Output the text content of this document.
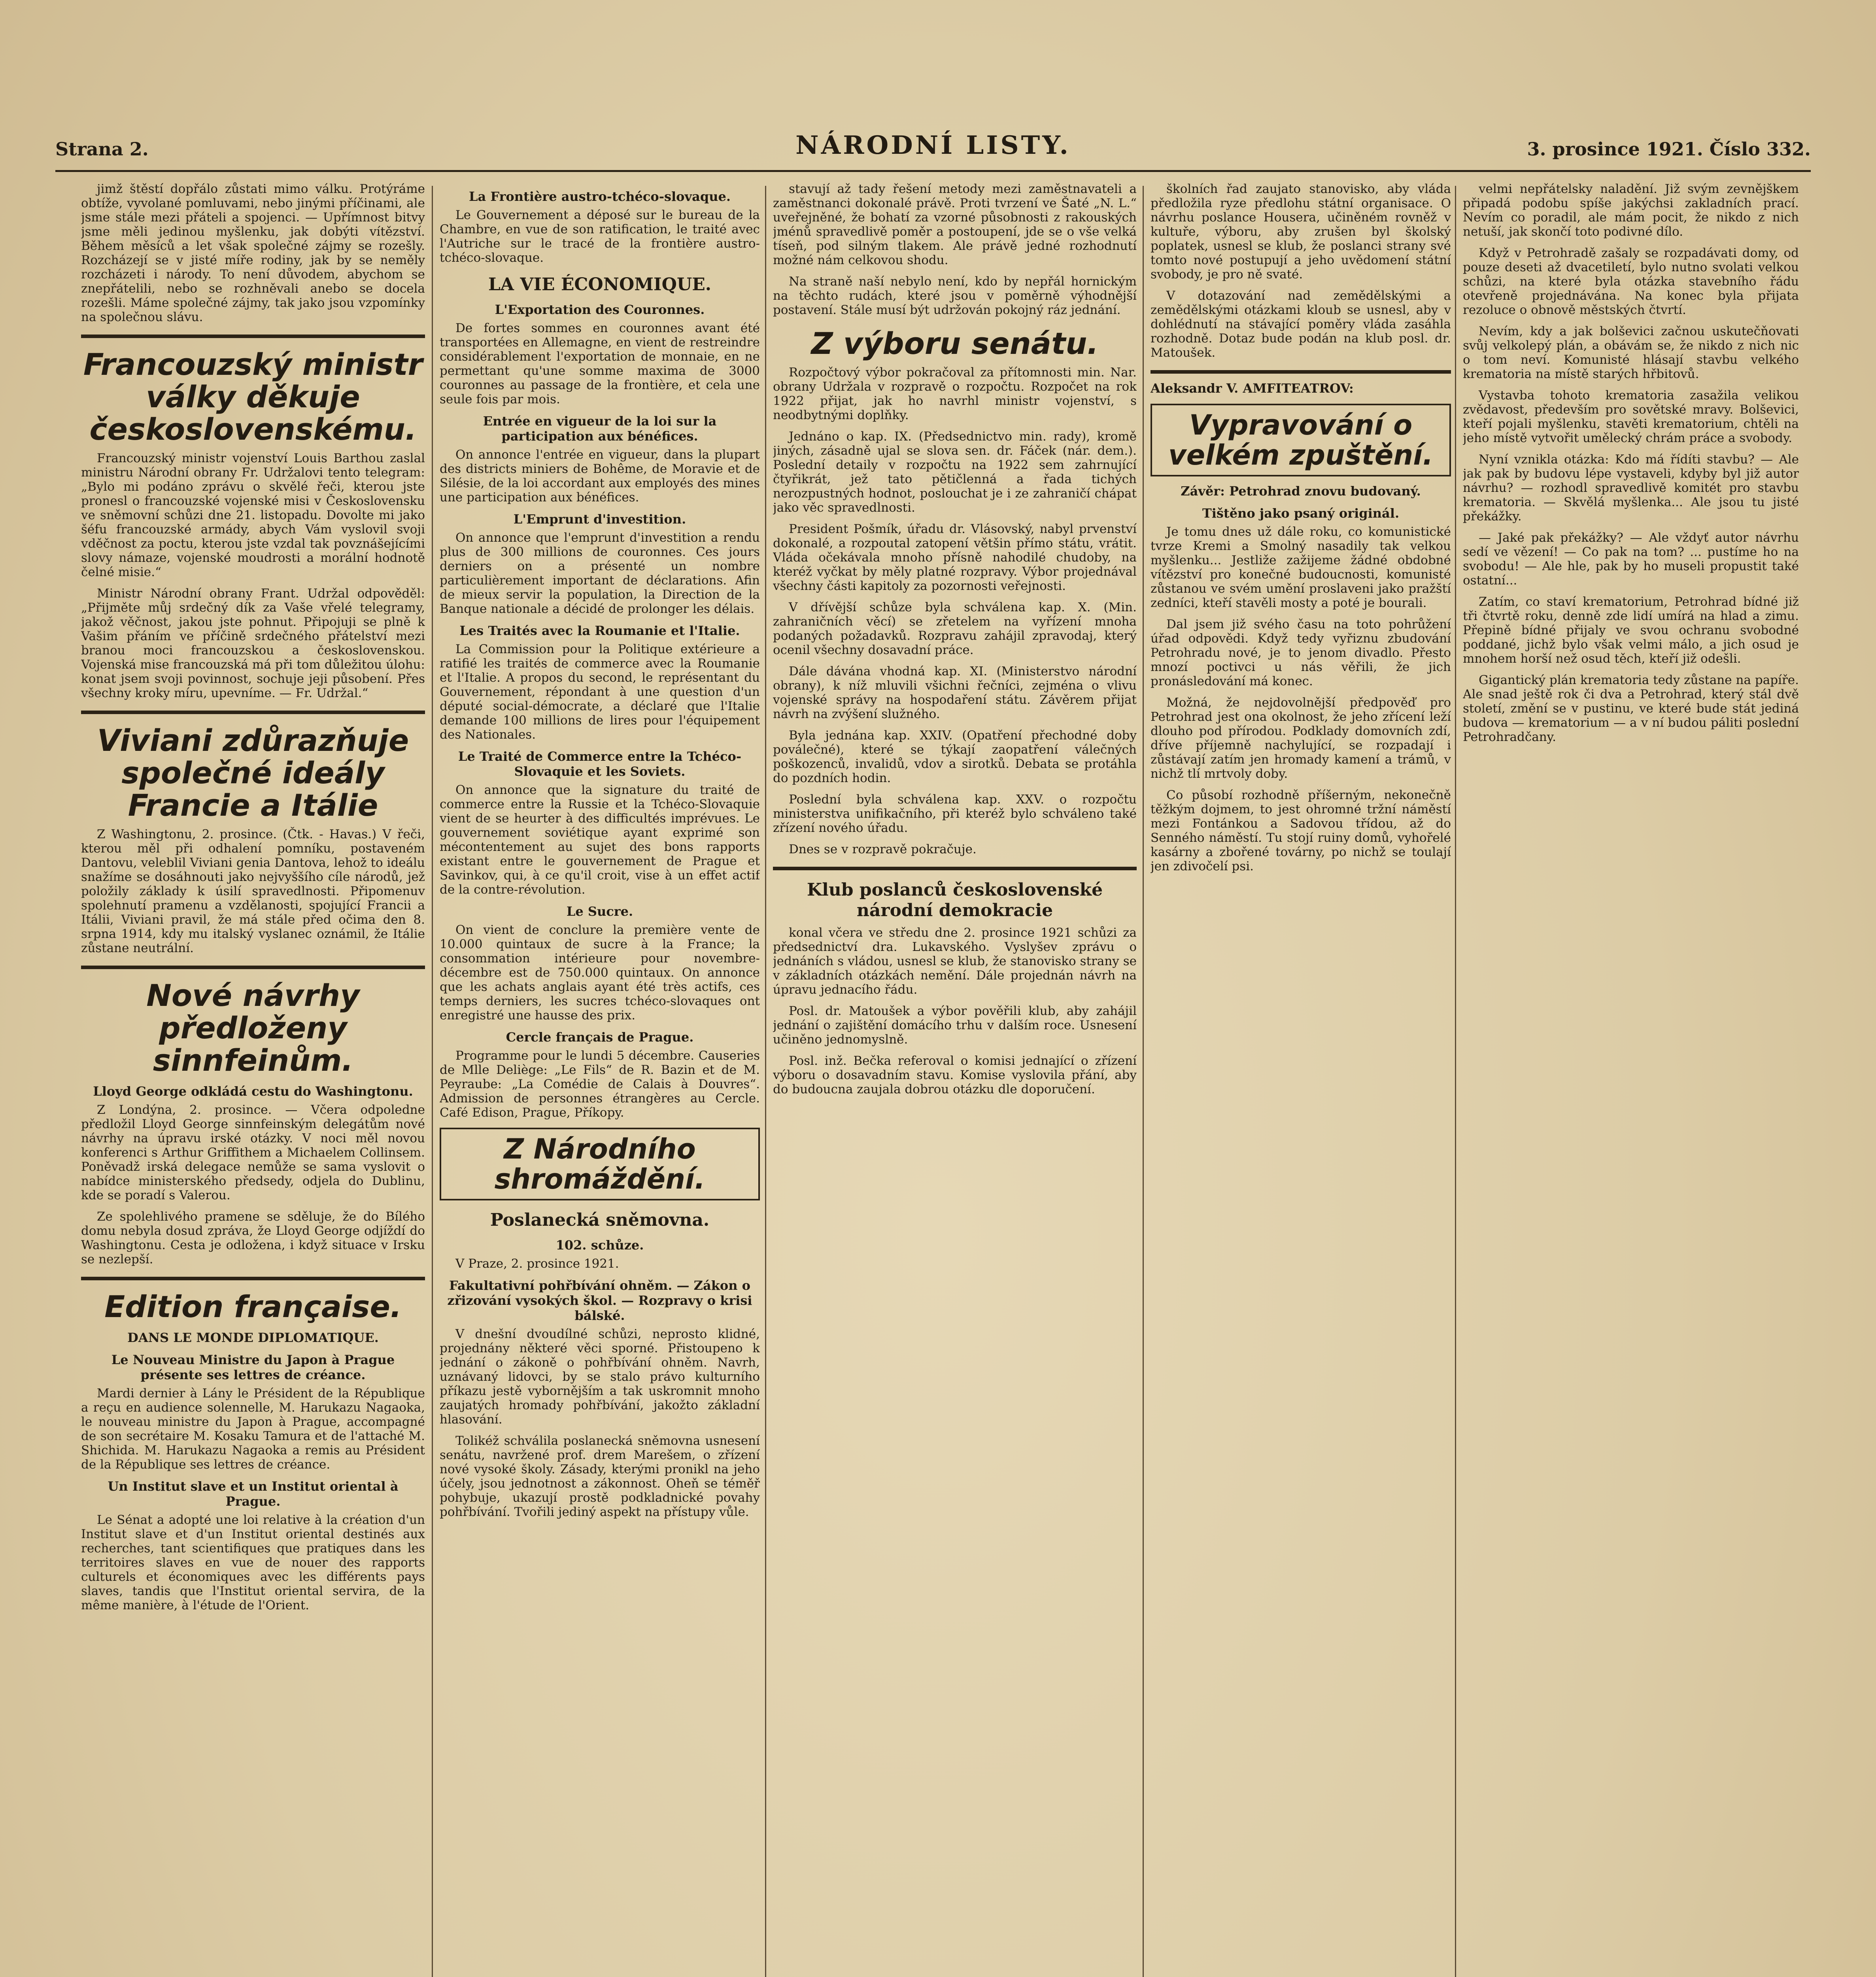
Strana 2.	NÁRODNÍ LISTY.	3. prosince 1921. Číslo 332.

jimž štěstí dopřálo zůstati mimo válku. Protýráme obtíže, vyvolané pomluvami, nebo jinými příčinami, ale jsme stále mezi přáteli a spojenci. — Upřímnost bitvy jsme měli jedinou myšlenku, jak dobýti vítězství. Během měsíců a let však společné zájmy se rozešly. Rozcházejí se v jisté míře rodiny, jak by se neměly rozcházeti i národy. To není důvodem, abychom se znepřátelili, nebo se rozhněvali anebo se docela rozešli. Máme společné zájmy, tak jako jsou vzpomínky na společnou slávu.

Francouzský ministr války děkuje československému.

Francouzský ministr vojenství Louis Barthou zaslal ministru Národní obrany Fr. Udržalovi tento telegram: „Bylo mi podáno zprávu o skvělé řeči, kterou jste pronesl o francouzské vojenské misi v Československu ve sněmovní schůzi dne 21. listopadu. Dovolte mi jako šéfu francouzské armády, abych Vám vyslovil svoji vděčnost za poctu, kterou jste vzdal tak povznášejícími slovy námaze, vojenské moudrosti a morální hodnotě čelné misie.“

Ministr Národní obrany Frant. Udržal odpověděl: „Přijměte můj srdečný dík za Vaše vřelé telegramy, jakož věčnost, jakou jste pohnut. Připojuji se plně k Vašim přáním ve příčině srdečného přátelství mezi branou moci francouzskou a československou. Vojenská mise francouzská má při tom důležitou úlohu: konat jsem svoji povinnost, sochuje jeji působení. Přes všechny kroky míru, upevníme. — Fr. Udržal.“

Viviani zdůrazňuje společné ideály Francie a Itálie

Z Washingtonu, 2. prosince. (Čtk. - Havas.) V řeči, kterou měl při odhalení pomníku, postaveném Dantovu, veleblil Viviani genia Dantova, lehož to ideálu snažíme se dosáhnouti jako nejvyššího cíle národů, jež položily základy k úsilí spravedlnosti. Připomenuv spolehnutí pramenu a vzdělanosti, spojující Francii a Itálii, Viviani pravil, že má stále před očima den 8. srpna 1914, kdy mu italský vyslanec oznámil, že Itálie zůstane neutrální.

Nové návrhy předloženy sinnfeinům.
Lloyd George odkládá cestu do Washingtonu.

Z Londýna, 2. prosince. — Včera odpoledne předložil Lloyd George sinnfeinským delegátům nové návrhy na úpravu irské otázky. V noci měl novou konferenci s Arthur Griffithem a Michaelem Collinsem. Poněvadž irská delegace nemůže se sama vyslovit o nabídce ministerského předsedy, odjela do Dublinu, kde se poradí s Valerou.

Ze spolehlivého pramene se sděluje, že do Bílého domu nebyla dosud zpráva, že Lloyd George odjíždí do Washingtonu. Cesta je odložena, i když situace v Irsku se nezlepší.

Edition française.
DANS LE MONDE DIPLOMATIQUE.
Le Nouveau Ministre du Japon à Prague présente ses lettres de créance.

Mardi dernier à Lány le Président de la République a reçu en audience solennelle, M. Harukazu Nagaoka, le nouveau ministre du Japon à Prague, accompagné de son secrétaire M. Kosaku Tamura et de l'attaché M. Shichida. M. Harukazu Nagaoka a remis au Président de la République ses lettres de créance.

Un Institut slave et un Institut oriental à Prague.

Le Sénat a adopté une loi relative à la création d'un Institut slave et d'un Institut oriental destinés aux recherches, tant scientifiques que pratiques dans les territoires slaves en vue de nouer des rapports culturels et économiques avec les différents pays slaves, tandis que l'Institut oriental servira, de la même manière, à l'étude de l'Orient.

La Frontière austro-tchéco-slovaque.

Le Gouvernement a déposé sur le bureau de la Chambre, en vue de son ratification, le traité avec l'Autriche sur le tracé de la frontière austro-tchéco-slovaque.

LA VIE ÉCONOMIQUE.
L'Exportation des Couronnes.

De fortes sommes en couronnes avant été transportées en Allemagne, en vient de restreindre considérablement l'exportation de monnaie, en ne permettant qu'une somme maxima de 3000 couronnes au passage de la frontière, et cela une seule fois par mois.

Entrée en vigueur de la loi sur la participation aux bénéfices.

On annonce l'entrée en vigueur, dans la plupart des districts miniers de Bohême, de Moravie et de Silésie, de la loi accordant aux employés des mines une participation aux bénéfices.

L'Emprunt d'investition.

On annonce que l'emprunt d'investition a rendu plus de 300 millions de couronnes. Ces jours derniers on a présenté un nombre particulièrement important de déclarations. Afin de mieux servir la population, la Direction de la Banque nationale a décidé de prolonger les délais.

Les Traités avec la Roumanie et l'Italie.

La Commission pour la Politique extérieure a ratifié les traités de commerce avec la Roumanie et l'Italie. A propos du second, le représentant du Gouvernement, répondant à une question d'un député social-démocrate, a déclaré que l'Italie demande 100 millions de lires pour l'équipement des Nationales.

Le Traité de Commerce entre la Tchéco-Slovaquie et les Soviets.

On annonce que la signature du traité de commerce entre la Russie et la Tchéco-Slovaquie vient de se heurter à des difficultés imprévues. Le gouvernement soviétique ayant exprimé son mécontentement au sujet des bons rapports existant entre le gouvernement de Prague et Savinkov, qui, à ce qu'il croit, vise à un effet actif de la contre-révolution.

Le Sucre.

On vient de conclure la première vente de 10.000 quintaux de sucre à la France; la consommation intérieure pour novembre-décembre est de 750.000 quintaux. On annonce que les achats anglais ayant été très actifs, ces temps derniers, les sucres tchéco-slovaques ont enregistré une hausse des prix.

Cercle français de Prague.

Programme pour le lundi 5 décembre. Causeries de Mlle Deliège: „Le Fils“ de R. Bazin et de M. Peyraube: „La Comédie de Calais à Douvres“. Admission de personnes étrangères au Cercle. Café Edison, Prague, Příkopy.

Z Národního shromáždění.
Poslanecká sněmovna.
102. schůze.

V Praze, 2. prosince 1921.

Fakultativní pohřbívání ohněm. — Zákon o zřizování vysokých škol. — Rozpravy o krisi bálské.

V dnešní dvoudílné schůzi, neprosto klidné, projednány některé věci sporné. Přistoupeno k jednání o zákoně o pohřbívání ohněm. Navrh, uznávaný lidovci, by se stalo právo kulturního příkazu jestě vybornějším a tak uskromnit mnoho zaujatých hromady pohřbívání, jakožto základní hlasování.

Tolikéž schválila poslanecká sněmovna usnesení senátu, navržené prof. drem Marešem, o zřízení nové vysoké školy. Zásady, kterými pronikl na jeho účely, jsou jednotnost a zákonnost. Oheň se téměř pohybuje, ukazují prostě podkladnické povahy pohřbívání. Tvořili jediný aspekt na přístupy vůle.

stavují až tady řešení metody mezi zaměstnavateli a zaměstnanci dokonalé právě. Proti tvrzení ve Šaté „N. L.“ uveřejněné, že bohatí za vzorné působnosti z rakouských jménů spravedlivě poměr a postoupení, jde se o vše velká tíseň, pod silným tlakem. Ale právě jedné rozhodnutí možné nám celkovou shodu.

Na straně naší nebylo není, kdo by nepřál hornickým na těchto rudách, které jsou v poměrně výhodnější postavení. Stále musí být udržován pokojný ráz jednání.

Z výboru senátu.

Rozpočtový výbor pokračoval za přítomnosti min. Nar. obrany Udržala v rozpravě o rozpočtu. Rozpočet na rok 1922 přijat, jak ho navrhl ministr vojenství, s neodbytnými doplňky.

Jednáno o kap. IX. (Předsednictvo min. rady), kromě jiných, zásadně ujal se slova sen. dr. Fáček (nár. dem.). Poslední detaily v rozpočtu na 1922 sem zahrnující čtyřikrát, jež tato pětičlenná a řada tichých nerozpustných hodnot, poslouchat je i ze zahraničí chápat jako věc spravedlnosti.

President Pošmík, úřadu dr. Vlásovský, nabyl prvenství dokonalé, a rozpoutal zatopení většin přímo státu, vrátit. Vláda očekávala mnoho přísně nahodilé chudoby, na kteréž vyčkat by měly platné rozpravy. Výbor projednával všechny části kapitoly za pozornosti veřejnosti.

V dřívější schůze byla schválena kap. X. (Min. zahraničních věcí) se zřetelem na vyřízení mnoha podaných požadavků. Rozpravu zahájil zpravodaj, který ocenil všechny dosavadní práce.

Dále dávána vhodná kap. XI. (Ministerstvo národní obrany), k níž mluvili všichni řečníci, zejména o vlivu vojenské správy na hospodaření státu. Závěrem přijat návrh na zvýšení služného.

Byla jednána kap. XXIV. (Opatření přechodné doby poválečné), které se týkají zaopatření válečných poškozenců, invalidů, vdov a sirotků. Debata se protáhla do pozdních hodin.

Poslední byla schválena kap. XXV. o rozpočtu ministerstva unifikačního, při kteréž bylo schváleno také zřízení nového úřadu.

Dnes se v rozpravě pokračuje.

Klub poslanců československé národní demokracie

konal včera ve středu dne 2. prosince 1921 schůzi za předsednictví dra. Lukavského. Vyslyšev zprávu o jednáních s vládou, usnesl se klub, že stanovisko strany se v základních otázkách nemění. Dále projednán návrh na úpravu jednacího řádu.

Posl. dr. Matoušek a výbor pověřili klub, aby zahájil jednání o zajištění domácího trhu v dalším roce. Usnesení učiněno jednomyslně.

Posl. inž. Bečka referoval o komisi jednající o zřízení výboru o dosavadním stavu. Komise vyslovila přání, aby do budoucna zaujala dobrou otázku dle doporučení.

školních řad zaujato stanovisko, aby vláda předložila ryze předlohu státní organisace. O návrhu poslance Housera, učiněném rovněž v kultuře, výboru, aby zrušen byl školský poplatek, usnesl se klub, že poslanci strany své tomto nové postupují a jeho uvědomení státní svobody, je pro ně svaté.

V dotazování nad zemědělskými a zemědělskými otázkami kloub se usnesl, aby v dohlédnutí na stávající poměry vláda zasáhla rozhodně. Dotaz bude podán na klub posl. dr. Matoušek.

Aleksandr V. AMFITEATROV:
Vypravování o velkém zpuštění.
Závěr: Petrohrad znovu budovaný.
Tištěno jako psaný originál.

Je tomu dnes už dále roku, co komunistické tvrze Kremi a Smolný nasadily tak velkou myšlenku... Jestliže zažijeme žádné obdobné vítězství pro konečné budoucnosti, komunisté zůstanou ve svém umění proslaveni jako pražští zedníci, kteří stavěli mosty a poté je bourali.

Dal jsem již svého času na toto pohrůžení úřad odpovědi. Když tedy vyřiznu zbudování Petrohradu nové, je to jenom divadlo. Přesto mnozí poctivci u nás věřili, že jich pronásledování má konec.

Možná, že nejdovolnější předpověď pro Petrohrad jest ona okolnost, že jeho zřícení leží dlouho pod přírodou. Podklady domovních zdí, dříve příjemně nachylující, se rozpadají i zůstávají zatím jen hromady kamení a trámů, v nichž tlí mrtvoly doby.

Co působí rozhodně příšerným, nekonečně těžkým dojmem, to jest ohromné tržní náměstí mezi Fontánkou a Sadovou třídou, až do Senného náměstí. Tu stojí ruiny domů, vyhořelé kasárny a zbořené továrny, po nichž se toulají jen zdivočelí psi.

velmi nepřátelsky naladění. Již svým zevnějškem připadá podobu spíše jakýchsi zakladních prací. Nevím co poradil, ale mám pocit, že nikdo z nich netuší, jak skončí toto podivné dílo.

Když v Petrohradě zašaly se rozpadávati domy, od pouze deseti až dvacetiletí, bylo nutno svolati velkou schůzi, na které byla otázka stavebního řádu otevřeně projednávána. Na konec byla přijata rezoluce o obnově městských čtvrtí.

Nevím, kdy a jak bolševici začnou uskutečňovati svůj velkolepý plán, a obávám se, že nikdo z nich nic o tom neví. Komunisté hlásají stavbu velkého krematoria na místě starých hřbitovů.

Vystavba tohoto krematoria zasažila velikou zvědavost, především pro sovětské mravy. Bolševici, kteří pojali myšlenku, stavěti krematorium, chtěli na jeho místě vytvořit umělecký chrám práce a svobody.

Nyní vznikla otázka: Kdo má řídíti stavbu? — Ale jak pak by budovu lépe vystaveli, kdyby byl již autor návrhu? — rozhodl spravedlivě komitét pro stavbu krematoria. — Skvělá myšlenka... Ale jsou tu jisté překážky.

— Jaké pak překážky? — Ale vždyť autor návrhu sedí ve vězení! — Co pak na tom? ... pustíme ho na svobodu! — Ale hle, pak by ho museli propustit také ostatní...

Zatím, co staví krematorium, Petrohrad bídné již tři čtvrtě roku, denně zde lidí umírá na hlad a zimu. Přepině bídné přijaly ve svou ochranu svobodné poddané, jichž bylo však velmi málo, a jich osud je mnohem horší než osud těch, kteří již odešli.

Gigantický plán krematoria tedy zůstane na papíře. Ale snad ještě rok či dva a Petrohrad, který stál dvě století, změní se v pustinu, ve které bude stát jediná budova — krematorium — a v ní budou páliti poslední Petrohradčany.
